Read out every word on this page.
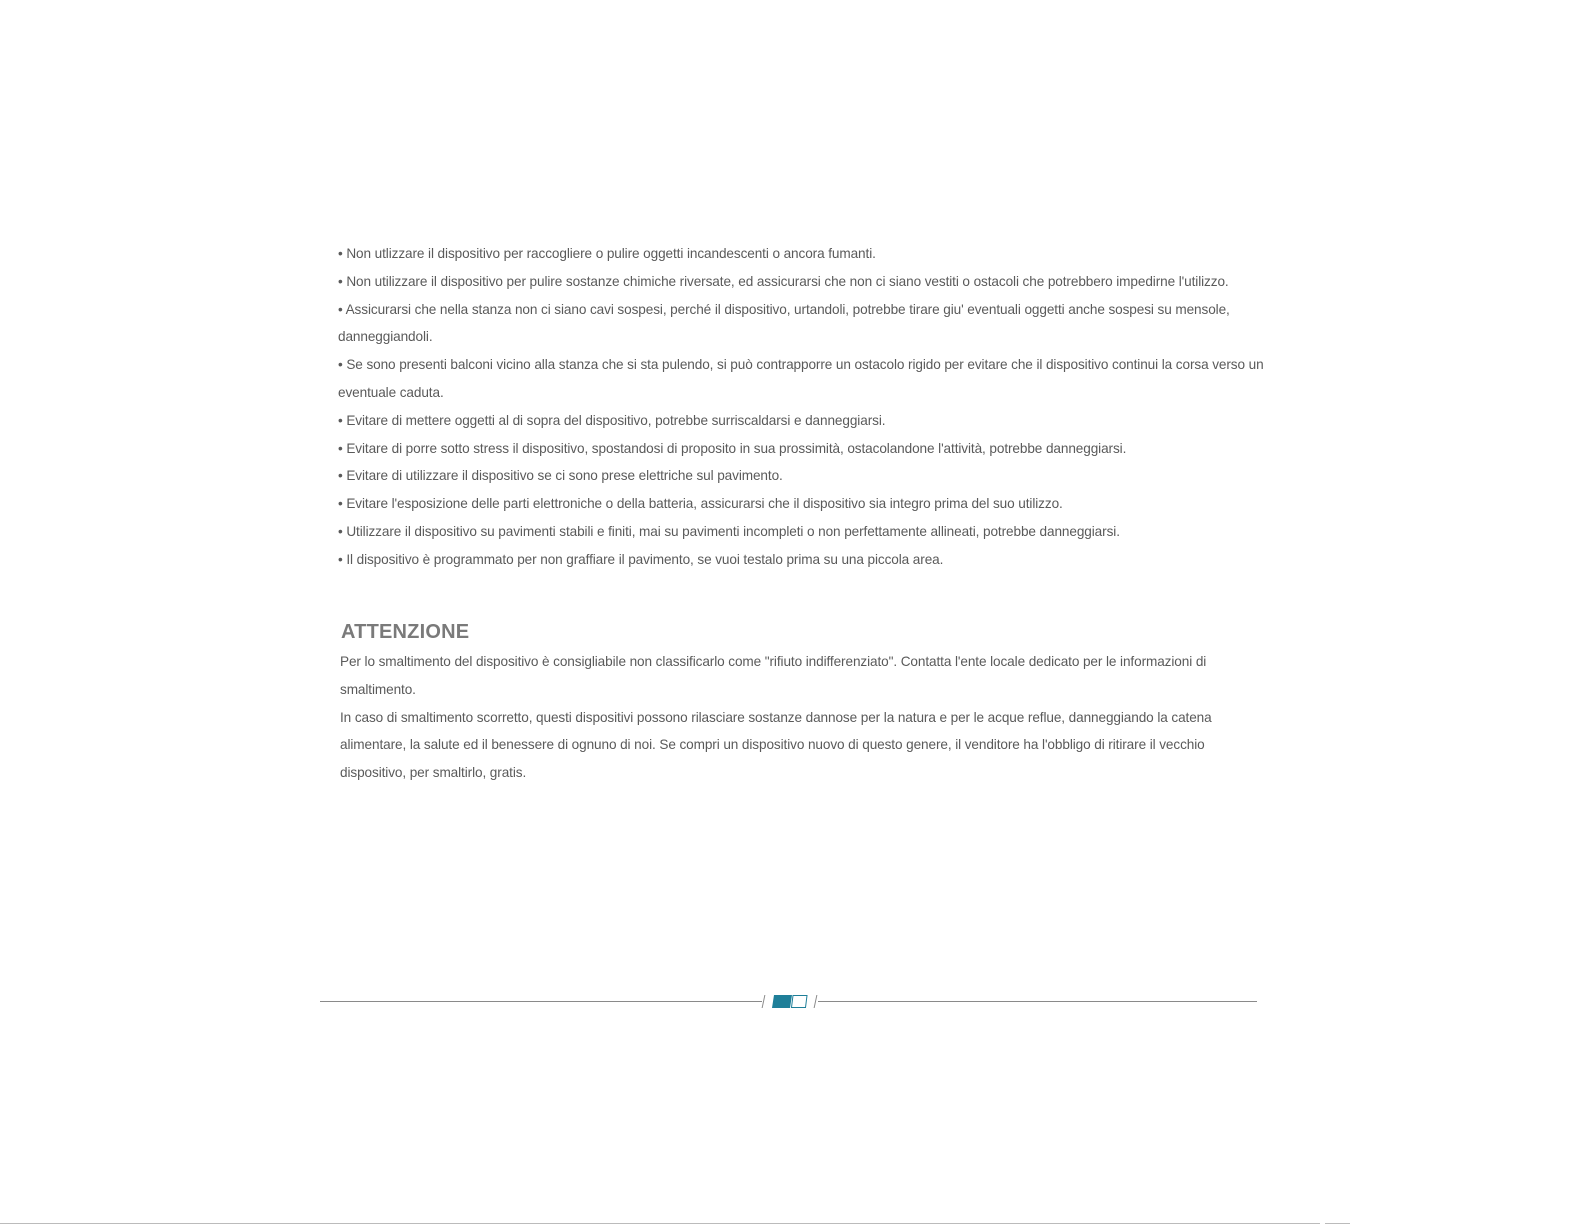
• Non utlizzare il dispositivo per raccogliere o pulire oggetti incandescenti o ancora fumanti.
• Non utilizzare il dispositivo per pulire sostanze chimiche riversate, ed assicurarsi che non ci siano vestiti o ostacoli che potrebbero impedirne l'utilizzo.
• Assicurarsi che nella stanza non ci siano cavi sospesi, perché il dispositivo, urtandoli, potrebbe tirare giu' eventuali oggetti anche sospesi su mensole, danneggiandoli.
• Se sono presenti balconi vicino alla stanza che si sta pulendo, si può contrapporre un ostacolo rigido per evitare che il dispositivo continui la corsa verso un eventuale caduta.
• Evitare di mettere oggetti al di sopra del dispositivo, potrebbe surriscaldarsi e danneggiarsi.
• Evitare di porre sotto stress il dispositivo, spostandosi di proposito in sua prossimità, ostacolandone l'attività, potrebbe danneggiarsi.
• Evitare di utilizzare il dispositivo se ci sono prese elettriche sul pavimento.
• Evitare l'esposizione delle parti elettroniche o della batteria, assicurarsi che il dispositivo sia integro prima del suo utilizzo.
• Utilizzare il dispositivo su pavimenti stabili e finiti, mai su pavimenti incompleti o non perfettamente allineati, potrebbe danneggiarsi.
• Il dispositivo è programmato per non graffiare il pavimento, se vuoi testalo prima su una piccola area.
ATTENZIONE

Per lo smaltimento del dispositivo è consigliabile non classificarlo come "rifiuto indifferenziato". Contatta l'ente locale dedicato per le informazioni di smaltimento.

In caso di smaltimento scorretto, questi dispositivi possono rilasciare sostanze dannose per la natura e per le acque reflue, danneggiando la catena alimentare, la salute ed il benessere di ognuno di noi. Se compri un dispositivo nuovo di questo genere, il venditore ha l'obbligo di ritirare il vecchio dispositivo, per smaltirlo, gratis.
